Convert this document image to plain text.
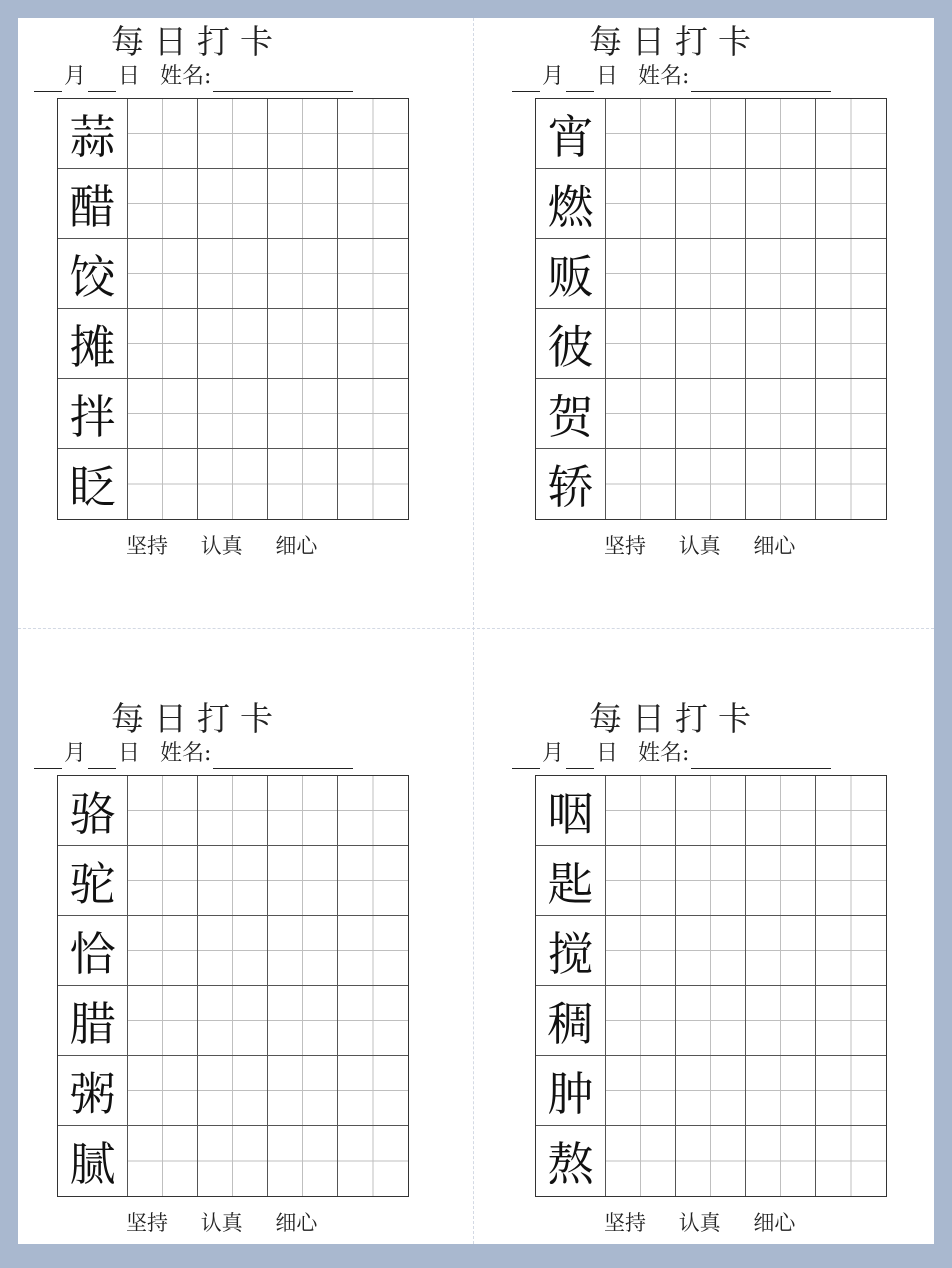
每日打卡
月 日 姓名:
蒜
醋
饺
摊
拌
眨
坚持 认真 细心
每日打卡
月 日 姓名:
宵
燃
贩
彼
贺
轿
坚持 认真 细心
每日打卡
月 日 姓名:
骆
驼
恰
腊
粥
腻
坚持 认真 细心
每日打卡
月 日 姓名:
咽
匙
搅
稠
肿
熬
坚持 认真 细心
